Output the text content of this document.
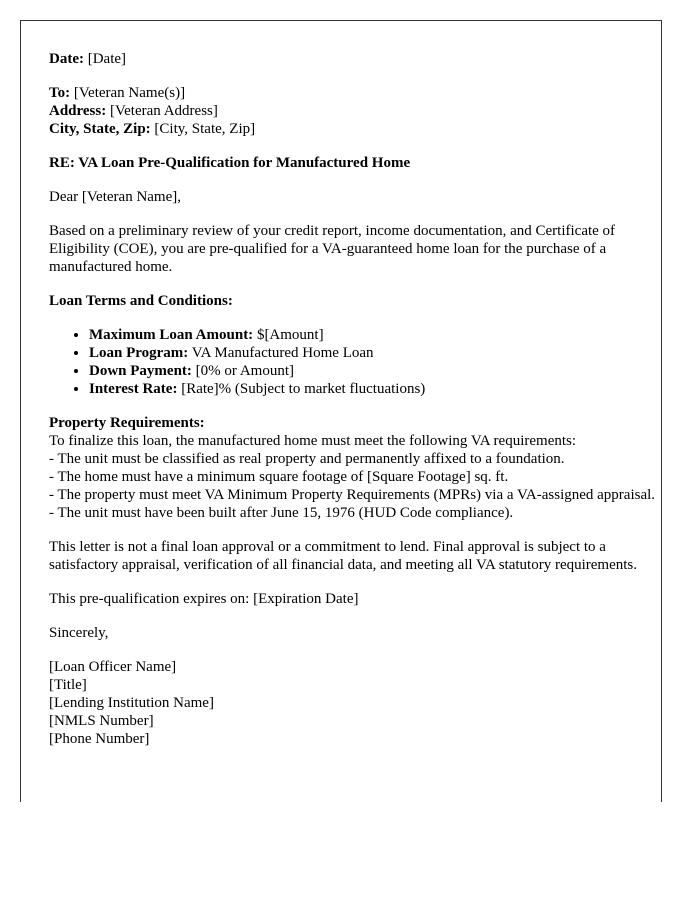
Date: [Date]

To: [Veteran Name(s)]
Address: [Veteran Address]
City, State, Zip: [City, State, Zip]

RE: VA Loan Pre-Qualification for Manufactured Home

Dear [Veteran Name],

Based on a preliminary review of your credit report, income documentation, and Certificate of Eligibility (COE), you are pre-qualified for a VA-guaranteed home loan for the purchase of a manufactured home.

Loan Terms and Conditions:

• Maximum Loan Amount: $[Amount]
• Loan Program: VA Manufactured Home Loan
• Down Payment: [0% or Amount]
• Interest Rate: [Rate]% (Subject to market fluctuations)

Property Requirements:
To finalize this loan, the manufactured home must meet the following VA requirements:
- The unit must be classified as real property and permanently affixed to a foundation.
- The home must have a minimum square footage of [Square Footage] sq. ft.
- The property must meet VA Minimum Property Requirements (MPRs) via a VA-assigned appraisal.
- The unit must have been built after June 15, 1976 (HUD Code compliance).

This letter is not a final loan approval or a commitment to lend. Final approval is subject to a satisfactory appraisal, verification of all financial data, and meeting all VA statutory requirements.

This pre-qualification expires on: [Expiration Date]

Sincerely,

[Loan Officer Name]
[Title]
[Lending Institution Name]
[NMLS Number]
[Phone Number]
